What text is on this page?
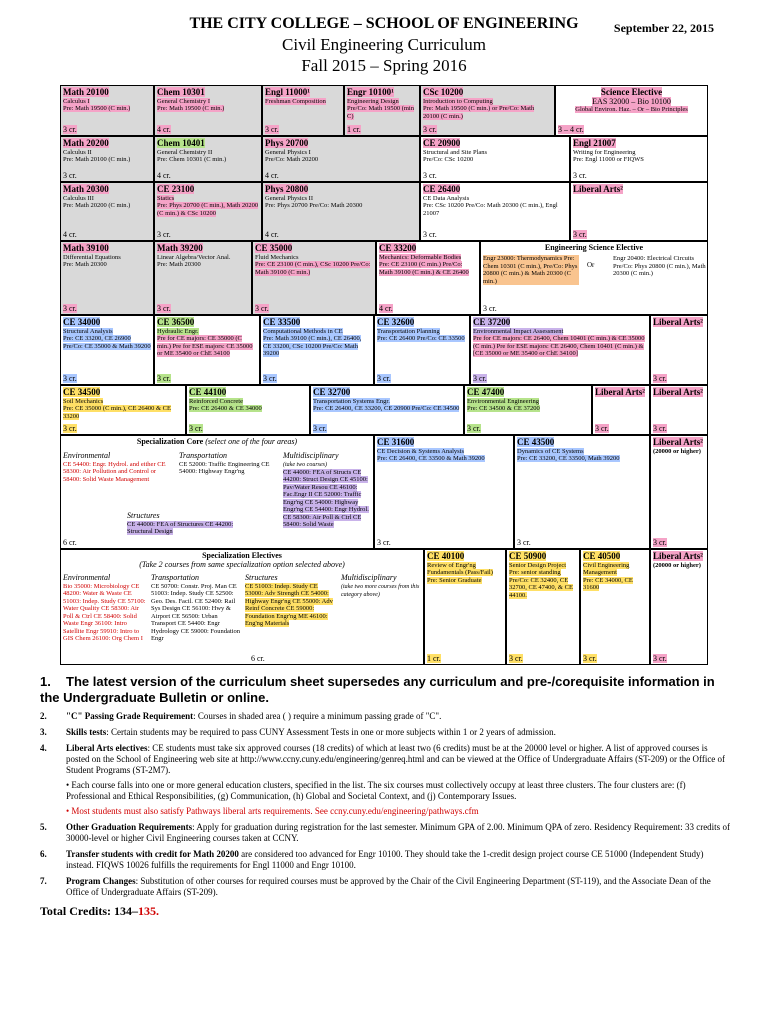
THE CITY COLLEGE – SCHOOL OF ENGINEERING
Civil Engineering Curriculum
Fall 2015 – Spring 2016
September 22, 2015
Math 20100
Calculus I
Pre: Math 19500 (C min.)
3 cr.
Chem 10301
General Chemistry I
Pre: Math 19500 (C min.)
4 cr.
Engl 11000¹
Freshman Composition
3 cr.
Engr 10100¹
Engineering Design
Pre/Co: Math 19500 (min C)
1 cr.
CSc 10200
Introduction to Computing
Pre: Math 19500 (C min.) or Pre/Co: Math 20100 (C min.)
3 cr.
Science Elective
EAS 32000 – Bio 10100
Global Environ. Haz. – Or – Bio Principles
3 – 4 cr.
Math 20200
Calculus II
Pre: Math 20100 (C min.)
3 cr.
Chem 10401
General Chemistry II
Pre: Chem 10301 (C min.)
4 cr.
Phys 20700
General Physics I
Pre/Co: Math 20200
4 cr.
CE 20900
Structural and Site Plans
Pre/Co: CSc 10200
3 cr.
Engl 21007
Writing for Engineering
Pre: Engl 11000 or FIQWS
3 cr.
Math 20300
Calculus III
Pre: Math 20200 (C min.)
4 cr.
CE 23100
Statics
Pre: Phys 20700 (C min.), Math 20200 (C min.) & CSc 10200
3 cr.
Phys 20800
General Physics II
Pre: Phys 20700 Pre/Co: Math 20300
4 cr.
CE 26400
CE Data Analysis
Pre: CSc 10200 Pre/Co: Math 20300 (C min.), Engl 21007
3 cr.
Liberal Arts²
3 cr.
Math 39100
Differential Equations
Pre: Math 20300
3 cr.
Math 39200
Linear Algebra/Vector Anal.
Pre: Math 20300
3 cr.
CE 35000
Fluid Mechanics
Pre: CE 23100 (C min.), CSc 10200 Pre/Co: Math 39100 (C min.)
3 cr.
CE 33200
Mechanics: Deformable Bodies
Pre: CE 23100 (C min.) Pre/Co: Math 39100 (C min.) & CE 26400
4 cr.
Engineering Science Elective
Engr 23000: Thermodynamics Pre: Chem 10301 (C min.), Pre/Co: Phys 20800 (C min.) & Math 20300 (C min.)
Or
Engr 20400: Electrical Circuits Pre/Co: Phys 20800 (C min.), Math 20300 (C min.)
3 cr.
CE 34000
Structural Analysis
Pre: CE 33200, CE 26900 Pre/Co: CE 35000 & Math 39200
3 cr.
CE 36500
Hydraulic Engr.
Pre for CE majors: CE 35000 (C min.) Pre for ESE majors: CE 35000 or ME 35400 or ChE 34100
3 cr.
CE 33500
Computational Methods in CE
Pre: Math 39100 (C min.), CE 26400, CE 33200, CSc 10200 Pre/Co: Math 39200
3 cr.
CE 32600
Transportation Planning
Pre: CE 26400 Pre/Co: CE 33500
3 cr.
CE 37200
Environmental Impact Assessment
Pre for CE majors: CE 26400, Chem 10401 (C min.) & CE 35000 (C min.) Pre for ESE majors: CE 26400, Chem 10401 (C min.) & [CE 35000 or ME 35400 or ChE 34100]
3 cr.
Liberal Arts²
3 cr.
CE 34500
Soil Mechanics
Pre: CE 35000 (C min.), CE 26400 & CE 33200
3 cr.
CE 44100
Reinforced Concrete
Pre: CE 26400 & CE 34000
3 cr.
CE 32700
Transportation Systems Engr.
Pre: CE 26400, CE 33200, CE 20900 Pre/Co: CE 34500
3 cr.
CE 47400
Environmental Engineering
Pre: CE 34500 & CE 37200
3 cr.
Liberal Arts²
3 cr.
Liberal Arts²
3 cr.
Specialization Core (select one of the four areas)
Environmental
CE 54400: Engr. Hydrol. and either CE 58300: Air Pollution and Control or 58400: Solid Waste Management
Transportation
CE 52000: Traffic Engineering CE 54000: Highway Engr'ng
Multidisciplinary
(take two courses)
CE 44000: FEA of Structs CE 44200: Struct Design CE 45100: Pav/Water Resou CE 46100: Fac.Engr II CE 52000: Traffic Engr'ng CE 54000: Highway Engr'ng CE 54400: Engr Hydrol. CE 58300: Air Poll & Ctrl CE 58400: Solid Waste
Structures
CE 44000: FEA of Structures CE 44200: Structural Design
6 cr.
CE 31600
CE Decision & Systems Analysis
Pre: CE 26400, CE 33500 & Math 39200
3 cr.
CE 43500
Dynamics of CE Systems
Pre: CE 33200, CE 33500, Math 39200
3 cr.
Liberal Arts²
(20000 or higher)
3 cr.
Specialization Electives
(Take 2 courses from same specialization option selected above)
Environmental
Bio 35000: Microbiology CE 48200: Water & Waste CE 51003: Indep. Study CE 57100: Water Quality CE 58300: Air Poll & Ctrl CE 58400: Solid Waste Engr 36100: Intro Satellite Engr 59910: Intro to GIS Chem 26100: Org Chem I
Transportation
CE 50700: Constr. Proj. Man CE 51003: Indep. Study CE 52500: Geo. Des. Facil. CE 52400: Rail Sys Design CE 56100: Hwy & Airport CE 56500: Urban Transport CE 54400: Engr Hydrology CE 59000: Foundation Engr
Structures
CE 51003: Indep. Study CE 53000: Adv Strength CE 54000: Highway Engr'ng CE 55000: Adv Reinf Concrete CE 59000: Foundation Engr'ng ME 46100: Eng'ng Materials
Multidisciplinary
(take two more courses from this category above)
6 cr.
CE 40100
Review of Engr'ng Fundamentals (Pass/Fail)
Pre: Senior Graduate
1 cr.
CE 50900
Senior Design Project
Pre: senior standing Pre/Co: CE 32400, CE 32700, CE 47400, & CE 44100.
3 cr.
CE 40500
Civil Engineering Management
Pre: CE 34000, CE 31600
3 cr.
Liberal Arts²
(20000 or higher)
3 cr.
1. The latest version of the curriculum sheet supersedes any curriculum and pre-/corequisite information in the Undergraduate Bulletin or online.
2. "C" Passing Grade Requirement: Courses in shaded area ( ) require a minimum passing grade of "C".
3. Skills tests: Certain students may be required to pass CUNY Assessment Tests in one or more subjects within 1 or 2 years of admission.
4. Liberal Arts electives: CE students must take six approved courses (18 credits) of which at least two (6 credits) must be at the 20000 level or higher. A list of approved courses is posted on the School of Engineering web site at http://www.ccny.cuny.edu/engineering/genreq.html and can be viewed at the Office of Undergraduate Affairs (ST-209) or the Office of Student Programs (ST-2M7).
• Each course falls into one or more general education clusters, specified in the list. The six courses must collectively occupy at least three clusters. The four clusters are: (f) Professional and Ethical Responsibilities, (g) Communication, (h) Global and Societal Context, and (j) Contemporary Issues.
• Most students must also satisfy Pathways liberal arts requirements. See ccny.cuny.edu/engineering/pathways.cfm
5. Other Graduation Requirements: Apply for graduation during registration for the last semester. Minimum GPA of 2.00. Minimum QPA of zero. Residency Requirement: 33 credits of 30000-level or higher Civil Engineering courses taken at CCNY.
6. Transfer students with credit for Math 20200 are considered too advanced for Engr 10100. They should take the 1-credit design project course CE 51000 (Independent Study) instead. FIQWS 10026 fulfills the requirements for Engl 11000 and Engr 10100.
7. Program Changes: Substitution of other courses for required courses must be approved by the Chair of the Civil Engineering Department (ST-119), and the Associate Dean of the Office of Undergraduate Affairs (ST-209).
Total Credits: 134–135.
